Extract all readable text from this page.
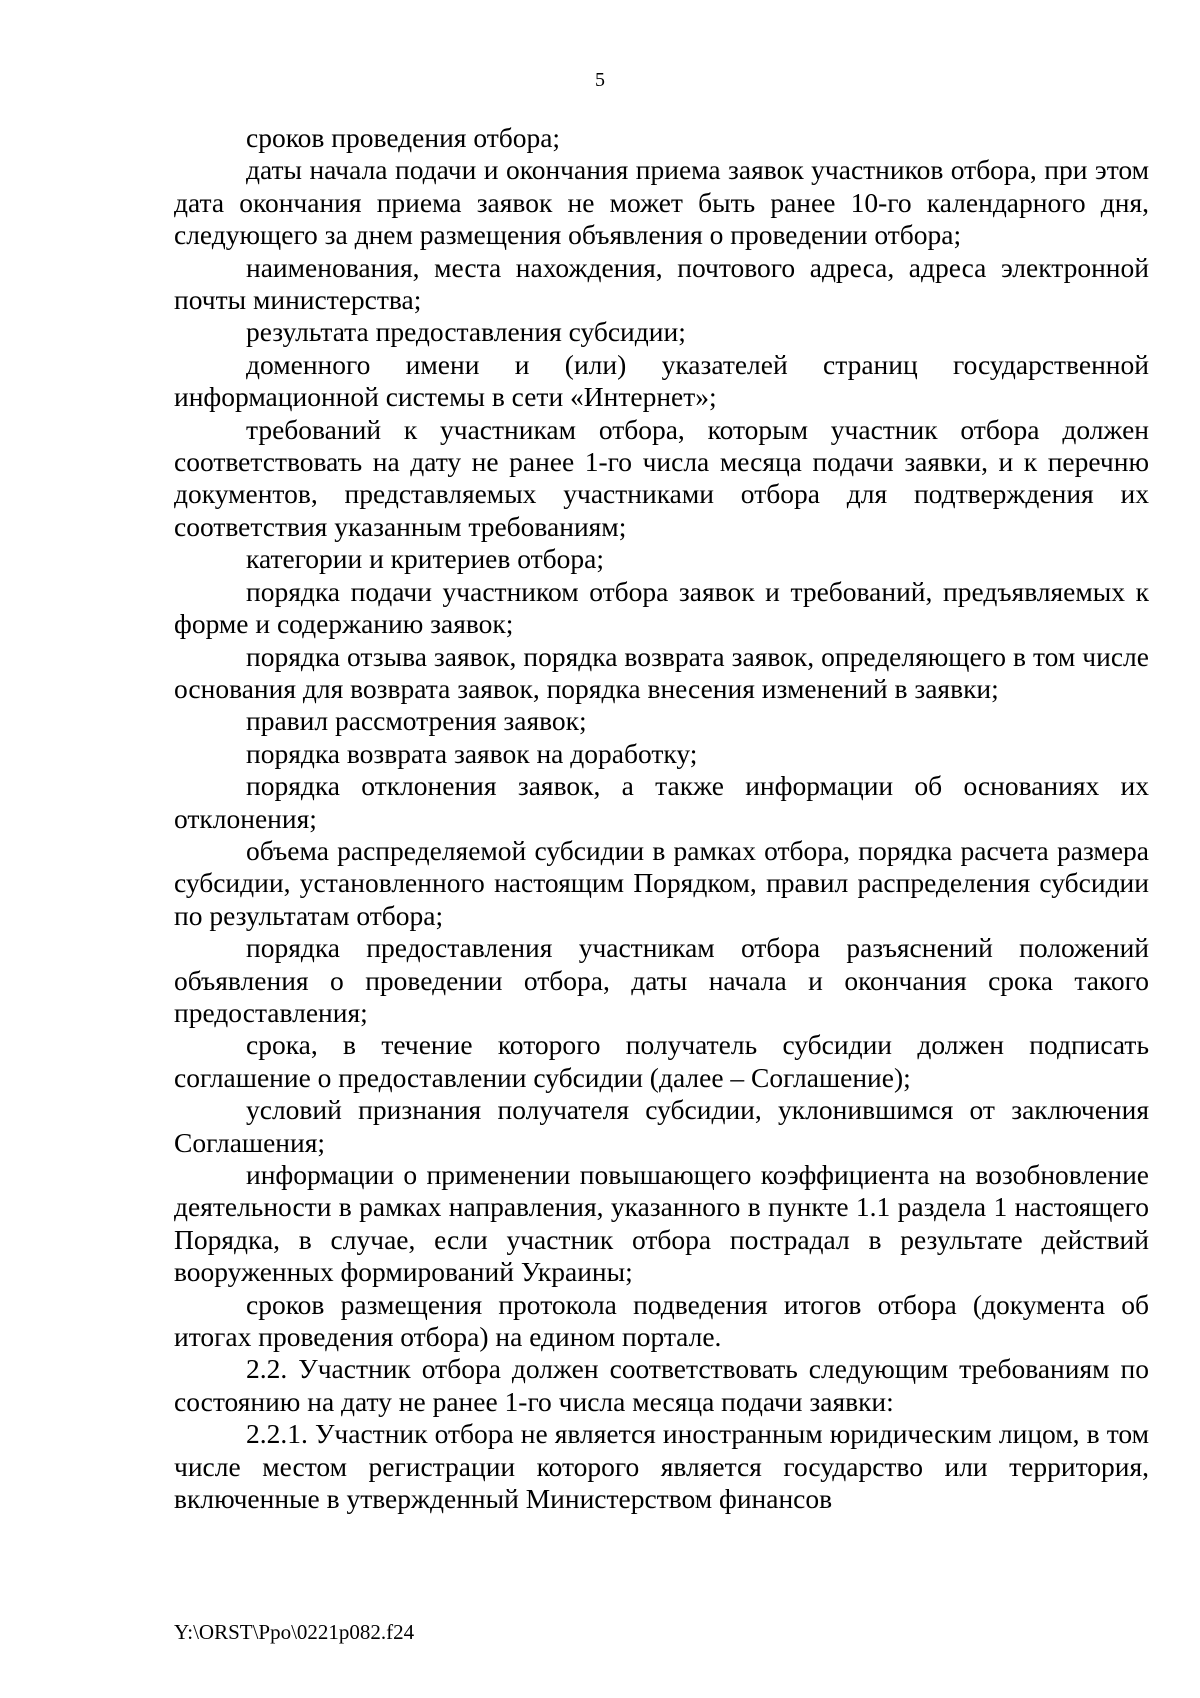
5

сроков проведения отбора;

даты начала подачи и окончания приема заявок участников отбора, при этом дата окончания приема заявок не может быть ранее 10-го календарного дня, следующего за днем размещения объявления о проведении отбора;

наименования, места нахождения, почтового адреса, адреса электронной почты министерства;

результата предоставления субсидии;

доменного имени и (или) указателей страниц государственной информационной системы в сети «Интернет»;

требований к участникам отбора, которым участник отбора должен соответствовать на дату не ранее 1-го числа месяца подачи заявки, и к перечню документов, представляемых участниками отбора для подтверждения их соответствия указанным требованиям;

категории и критериев отбора;

порядка подачи участником отбора заявок и требований, предъявляемых к форме и содержанию заявок;

порядка отзыва заявок, порядка возврата заявок, определяющего в том числе основания для возврата заявок, порядка внесения изменений в заявки;

правил рассмотрения заявок;

порядка возврата заявок на доработку;

порядка отклонения заявок, а также информации об основаниях их отклонения;

объема распределяемой субсидии в рамках отбора, порядка расчета размера субсидии, установленного настоящим Порядком, правил распределения субсидии по результатам отбора;

порядка предоставления участникам отбора разъяснений положений объявления о проведении отбора, даты начала и окончания срока такого предоставления;

срока, в течение которого получатель субсидии должен подписать соглашение о предоставлении субсидии (далее – Соглашение);

условий признания получателя субсидии, уклонившимся от заключения Соглашения;

информации о применении повышающего коэффициента на возобновление деятельности в рамках направления, указанного в пункте 1.1 раздела 1 настоящего Порядка, в случае, если участник отбора пострадал в результате действий вооруженных формирований Украины;

сроков размещения протокола подведения итогов отбора (документа об итогах проведения отбора) на едином портале.

2.2. Участник отбора должен соответствовать следующим требованиям по состоянию на дату не ранее 1-го числа месяца подачи заявки:

2.2.1. Участник отбора не является иностранным юридическим лицом, в том числе местом регистрации которого является государство или территория, включенные в утвержденный Министерством финансов

Y:\ORST\Ppo\0221p082.f24
